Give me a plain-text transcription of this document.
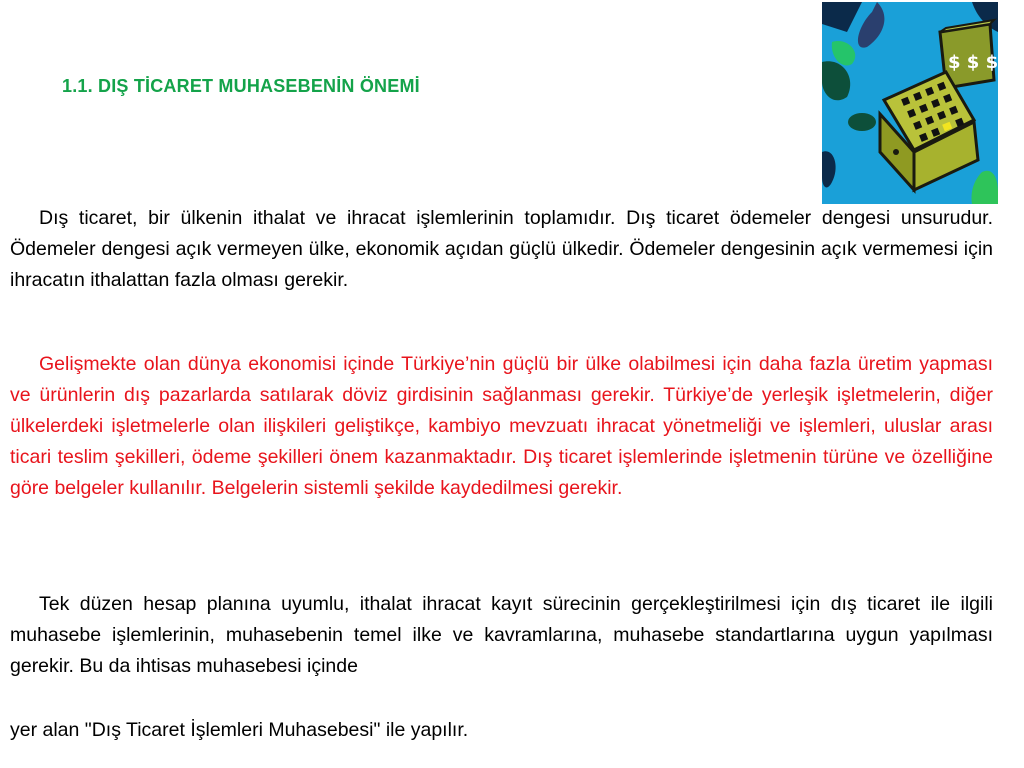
1.1. DIŞ TİCARET MUHASEBENİN ÖNEMİ
$ $ $

Dış ticaret, bir ülkenin ithalat ve ihracat işlemlerinin toplamıdır. Dış ticaret ödemeler dengesi unsurudur. Ödemeler dengesi açık vermeyen ülke, ekonomik açıdan güçlü ülkedir. Ödemeler dengesinin açık vermemesi için ihracatın ithalattan fazla olması gerekir.

Gelişmekte olan dünya ekonomisi içinde Türkiye’nin güçlü bir ülke olabilmesi için daha fazla üretim yapması ve ürünlerin dış pazarlarda satılarak döviz girdisinin sağlanması gerekir. Türkiye’de yerleşik işletmelerin, diğer ülkelerdeki işletmelerle olan ilişkileri geliştikçe, kambiyo mevzuatı ihracat yönetmeliği ve işlemleri, uluslar arası ticari teslim şekilleri, ödeme şekilleri önem kazanmaktadır. Dış ticaret işlemlerinde işletmenin türüne ve özelliğine göre belgeler kullanılır. Belgelerin sistemli şekilde kaydedilmesi gerekir.

Tek düzen hesap planına uyumlu, ithalat ihracat kayıt sürecinin gerçekleştirilmesi için dış ticaret ile ilgili muhasebe işlemlerinin, muhasebenin temel ilke ve kavramlarına, muhasebe standartlarına uygun yapılması gerekir. Bu da ihtisas muhasebesi içinde
yer alan "Dış Ticaret İşlemleri Muhasebesi" ile yapılır.
